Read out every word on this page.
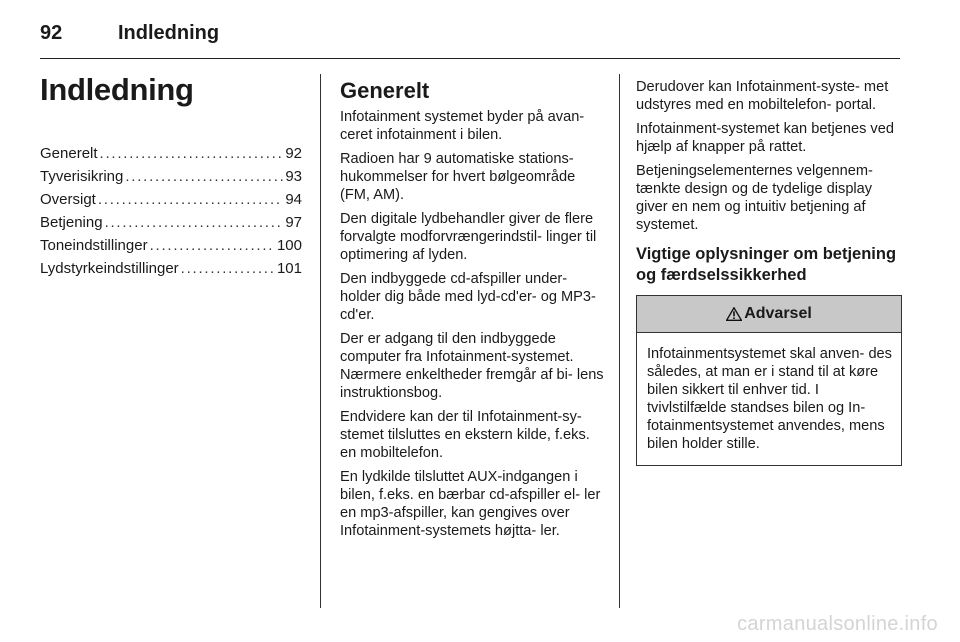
92	Indledning
Indledning
Generelt . . .	92
Tyverisikring . . .	93
Oversigt . . .	94
Betjening . . .	97
Toneindstillinger . . .	100
Lydstyrkeindstillinger . . .	101
Generelt

Infotainment systemet byder på avan- ceret infotainment i bilen.

Radioen har 9 automatiske stations- hukommelser for hvert bølgeområde (FM, AM).

Den digitale lydbehandler giver de flere forvalgte modforvrængerindstil- linger til optimering af lyden.

Den indbyggede cd-afspiller under- holder dig både med lyd-cd'er- og MP3-cd'er.

Der er adgang til den indbyggede computer fra Infotainment-systemet. Nærmere enkeltheder fremgår af bi- lens instruktionsbog.

Endvidere kan der til Infotainment-sy- stemet tilsluttes en ekstern kilde, f.eks. en mobiltelefon.

En lydkilde tilsluttet AUX-indgangen i bilen, f.eks. en bærbar cd-afspiller el- ler en mp3-afspiller, kan gengives over Infotainment-systemets højtta- ler.

Derudover kan Infotainment-syste- met udstyres med en mobiltelefon- portal.

Infotainment-systemet kan betjenes ved hjælp af knapper på rattet.

Betjeningselementernes velgennem- tænkte design og de tydelige display giver en nem og intuitiv betjening af systemet.

Vigtige oplysninger om betjening og færdselssikkerhed
Advarsel
Infotainmentsystemet skal anven- des således, at man er i stand til at køre bilen sikkert til enhver tid. I tvivlstilfælde standses bilen og In- fotainmentsystemet anvendes, mens bilen holder stille.
carmanualsonline.info
